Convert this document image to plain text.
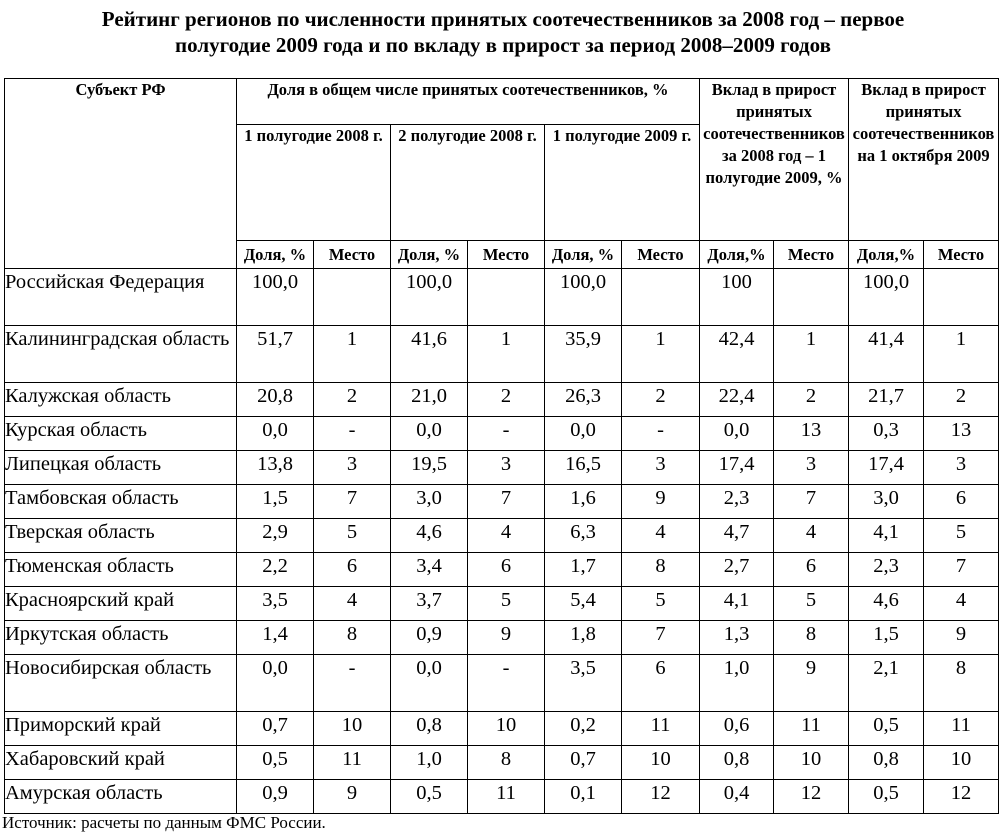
Рейтинг регионов по численности принятых соотечественников за 2008 год – первое
полугодие 2009 года и по вкладу в прирост за период 2008–2009 годов
Субъект РФ	Доля в общем числе принятых соотечественников, %						Вклад в прирост принятых соотечественников за 2008 год – 1 полугодие 2009, %		Вклад в прирост принятых соотечественников на 1 октября 2009	
	1 полугодие 2008 г.		2 полугодие 2008 г.		1 полугодие 2009 г.					
	Доля, %	Место	Доля, %	Место	Доля, %	Место	Доля,%	Место	Доля,%	Место
Российская Федерация	100,0		100,0		100,0		100		100,0	
Калининградская область	51,7	1	41,6	1	35,9	1	42,4	1	41,4	1
Калужская область	20,8	2	21,0	2	26,3	2	22,4	2	21,7	2
Курская область	0,0	-	0,0	-	0,0	-	0,0	13	0,3	13
Липецкая область	13,8	3	19,5	3	16,5	3	17,4	3	17,4	3
Тамбовская область	1,5	7	3,0	7	1,6	9	2,3	7	3,0	6
Тверская область	2,9	5	4,6	4	6,3	4	4,7	4	4,1	5
Тюменская область	2,2	6	3,4	6	1,7	8	2,7	6	2,3	7
Красноярский край	3,5	4	3,7	5	5,4	5	4,1	5	4,6	4
Иркутская область	1,4	8	0,9	9	1,8	7	1,3	8	1,5	9
Новосибирская область	0,0	-	0,0	-	3,5	6	1,0	9	2,1	8
Приморский край	0,7	10	0,8	10	0,2	11	0,6	11	0,5	11
Хабаровский край	0,5	11	1,0	8	0,7	10	0,8	10	0,8	10
Амурская область	0,9	9	0,5	11	0,1	12	0,4	12	0,5	12
Источник: расчеты по данным ФМС России.
